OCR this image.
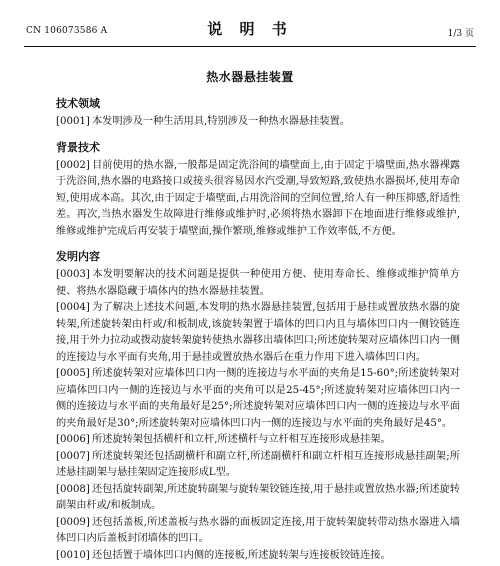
CN 106073586 A	说 明 书	1/3 页
热水器悬挂装置
技术领域

[0001] 本发明涉及一种生活用具,特别涉及一种热水器悬挂装置。

背景技术

[0002] 目前使用的热水器,一般都是固定洗浴间的墙壁面上,由于固定于墙壁面,热水器裸露于洗浴间,热水器的电路接口或接头很容易因水汽受潮,导致短路,致使热水器损坏,使用寿命短,使用成本高。其次,由于固定于墙壁面,占用洗浴间的空间位置,给人有一种压抑感,舒适性差。再次,当热水器发生故障进行维修或维护时,必须将热水器卸下在地面进行维修或维护,维修或维护完成后再安装于墙壁面,操作繁琐,维修或维护工作效率低,不方便。

发明内容

[0003] 本发明要解决的技术问题是提供一种使用方便、使用寿命长、维修或维护简单方便、将热水器隐藏于墙体内的热水器悬挂装置。

[0004] 为了解决上述技术问题,本发明的热水器悬挂装置,包括用于悬挂或置放热水器的旋转架,所述旋转架由杆或/和板制成,该旋转架置于墙体的凹口内且与墙体凹口内一侧铰链连接,用于外力拉动或拨动旋转架旋转使热水器移出墙体凹口;所述旋转架对应墙体凹口内一侧的连接边与水平面有夹角,用于悬挂或置放热水器后在重力作用下进入墙体凹口内。

[0005] 所述旋转架对应墙体凹口内一侧的连接边与水平面的夹角是15-60°;所述旋转架对应墙体凹口内一侧的连接边与水平面的夹角可以是25-45°;所述旋转架对应墙体凹口内一侧的连接边与水平面的夹角最好是25°;所述旋转架对应墙体凹口内一侧的连接边与水平面的夹角最好是30°;所述旋转架对应墙体凹口内一侧的连接边与水平面的夹角最好是45°。

[0006] 所述旋转架包括横杆和立杆,所述横杆与立杆相互连接形成悬挂架。

[0007] 所述旋转架还包括副横杆和副立杆,所述副横杆和副立杆相互连接形成悬挂副架;所述悬挂副架与悬挂架固定连接形成L型。

[0008] 还包括旋转副架,所述旋转副架与旋转架铰链连接,用于悬挂或置放热水器;所述旋转副架由杆或/和板制成。

[0009] 还包括盖板,所述盖板与热水器的面板固定连接,用于旋转架旋转带动热水器进入墙体凹口内后盖板封闭墙体的凹口。

[0010] 还包括置于墙体凹口内侧的连接板,所述旋转架与连接板铰链连接。
